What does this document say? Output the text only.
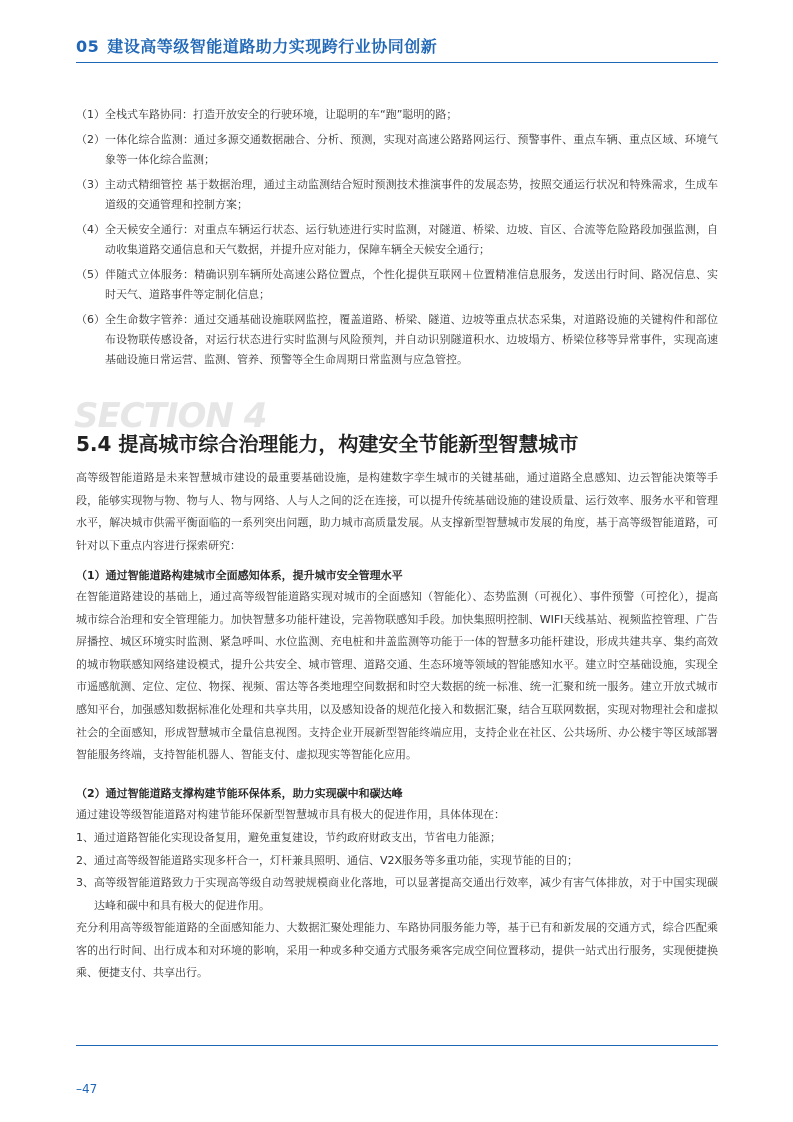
05 建设高等级智能道路助力实现跨行业协同创新
（1） 全栈式车路协同：打造开放安全的行驶环境，让聪明的车“跑”聪明的路；
（2） 一体化综合监测：通过多源交通数据融合、分析、预测，实现对高速公路路网运行、预警事件、重点车辆、重点区域、环境气象等一体化综合监测；
（3） 主动式精细管控 基于数据治理，通过主动监测结合短时预测技术推演事件的发展态势，按照交通运行状况和特殊需求，生成车道级的交通管理和控制方案；
（4） 全天候安全通行：对重点车辆运行状态、运行轨迹进行实时监测，对隧道、桥梁、边坡、盲区、合流等危险路段加强监测，自动收集道路交通信息和天气数据，并提升应对能力，保障车辆全天候安全通行；
（5） 伴随式立体服务：精确识别车辆所处高速公路位置点，个性化提供互联网＋位置精准信息服务，发送出行时间、路况信息、实时天气、道路事件等定制化信息；
（6） 全生命数字管养：通过交通基础设施联网监控，覆盖道路、桥梁、隧道、边坡等重点状态采集，对道路设施的关键构件和部位布设物联传感设备，对运行状态进行实时监测与风险预判，并自动识别隧道积水、边坡塌方、桥梁位移等异常事件，实现高速基础设施日常运营、监测、管养、预警等全生命周期日常监测与应急管控。
SECTION 4
5.4 提高城市综合治理能力，构建安全节能新型智慧城市

高等级智能道路是未来智慧城市建设的最重要基础设施，是构建数字孪生城市的关键基础，通过道路全息感知、边云智能决策等手段，能够实现物与物、物与人、物与网络、人与人之间的泛在连接，可以提升传统基础设施的建设质量、运行效率、服务水平和管理水平，解决城市供需平衡面临的一系列突出问题，助力城市高质量发展。从支撑新型智慧城市发展的角度，基于高等级智能道路，可针对以下重点内容进行探索研究：

（1）通过智能道路构建城市全面感知体系，提升城市安全管理水平

在智能道路建设的基础上，通过高等级智能道路实现对城市的全面感知（智能化）、态势监测（可视化）、事件预警（可控化），提高城市综合治理和安全管理能力。加快智慧多功能杆建设，完善物联感知手段。加快集照明控制、WIFI天线基站、视频监控管理、广告屏播控、城区环境实时监测、紧急呼叫、水位监测、充电桩和井盖监测等功能于一体的智慧多功能杆建设，形成共建共享、集约高效的城市物联感知网络建设模式，提升公共安全、城市管理、道路交通、生态环境等领域的智能感知水平。建立时空基础设施，实现全市遥感航测、定位、定位、物探、视频、雷达等各类地理空间数据和时空大数据的统一标准、统一汇聚和统一服务。建立开放式城市感知平台，加强感知数据标准化处理和共享共用，以及感知设备的规范化接入和数据汇聚，结合互联网数据，实现对物理社会和虚拟社会的全面感知，形成智慧城市全量信息视图。支持企业开展新型智能终端应用，支持企业在社区、公共场所、办公楼宇等区域部署智能服务终端，支持智能机器人、智能支付、虚拟现实等智能化应用。

（2）通过智能道路支撑构建节能环保体系，助力实现碳中和碳达峰

通过建设等级智能道路对构建节能环保新型智慧城市具有极大的促进作用，具体体现在：

1、 通过道路智能化实现设备复用，避免重复建设，节约政府财政支出，节省电力能源；
2、 通过高等级智能道路实现多杆合一，灯杆兼具照明、通信、V2X服务等多重功能，实现节能的目的；
3、 高等级智能道路致力于实现高等级自动驾驶规模商业化落地，可以显著提高交通出行效率，减少有害气体排放，对于中国实现碳达峰和碳中和具有极大的促进作用。

充分利用高等级智能道路的全面感知能力、大数据汇聚处理能力、车路协同服务能力等，基于已有和新发展的交通方式，综合匹配乘客的出行时间、出行成本和对环境的影响，采用一种或多种交通方式服务乘客完成空间位置移动，提供一站式出行服务，实现便捷换乘、便捷支付、共享出行。

–47
